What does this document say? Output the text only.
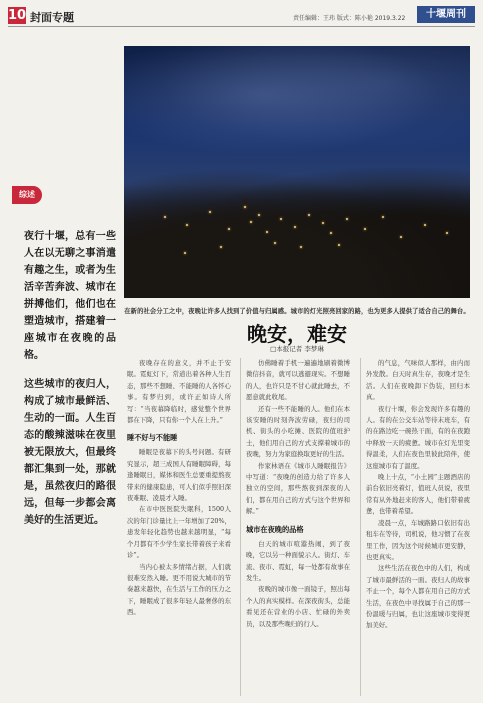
10 封面专题	责任编辑：王玮 版式：陈小艳 2019.3.22	十堰周刊
在新的社会分工之中，夜晚让许多人找到了价值与归属感。城市的灯光照亮回家的路，也为更多人提供了适合自己的舞台。
晚安，难安
□本报记者 李梦琳
综述

夜行十堰，总有一些人在以无聊之事消遣有趣之生，或者为生活辛苦奔波、城市在拼搏他们，他们也在塑造城市，搭建着一座城市在夜晚的品格。

这些城市的夜归人，构成了城市最鲜活、生动的一面。人生百态的酸辣滋味在夜里被无限放大，但最终都汇集到一处，那就是，虽然夜归的路很远，但每一步都会离美好的生活更近。

夜晚存在的意义，并不止于安眠。霓虹灯下，常道出着各种人生百态，那些不想睡、不能睡的人各怀心事。有梦归到，或许正如诗人所写：“当夜幕降临时，感觉整个世界都在下降，只有你一个人在上升。”

睡不好与不能睡

睡眠是夜幕下的头号问题。有研究显示，超三成国人有睡眠障碍，每逢睡眠日，媒体和医生总要重提熬夜带来的健康隐患，可人们似乎照旧深夜难眠、凌晨才入睡。

在市中医医院失眠科，1500人次的年门诊量比上一年增加了20%，患发年轻化趋势也越来越明显，“每个月都有不少学生家长带着孩子来看诊”。

当内心被太多情绪占据，人们就很难安然入睡。更不用说大城市的节奏越来越快，在生活与工作的压力之下，睡眠成了很多年轻人最奢侈的东西。

仿佛睡着手机一遍遍地刷着微博微信抖音，就可以逃避现实。不想睡的人，也许只是不甘心就此睡去，不愿意就此收尾。

还有一些不能睡的人。他们在本该安睡的时刻奔波劳碌，夜归的司机、街头的小吃摊、医院的值班护士，他们用自己的方式支撑着城市的夜晚，努力为家庭换取更好的生活。

作家林语在《城市人睡眠报告》中写道：“夜晚的创造力给了许多人独立的空间，那些熬夜到深夜的人们，都在用自己的方式与这个世界和解。”

城市在夜晚的品格

白天的城市喧嚣热闹，到了夜晚，它以另一种面貌示人。街灯、车流、夜市、霓虹，每一处都有故事在发生。

夜晚的城市像一面镜子，照出每个人的真实模样。在深夜街头，总能看见还在营业的小店、忙碌的外卖员，以及那些晚归的行人。

的气息，气味似人那样，由内而外发散。白天时真生存，夜晚才是生活。人们在夜晚卸下伪装，回归本真。

夜行十堰，你会发现许多有趣的人。有的在公交车站等待末班车，有的在路边吃一碗热干面，有的在夜跑中释放一天的疲惫。城市在灯光里变得温柔，人们在夜色里彼此陪伴，使这座城市有了温度。

晚上十点，“小土园”主题酒店的前台依旧亮着灯，值班人员说，夜里常有从外地赶来的客人，他们带着疲惫，也带着希望。

凌晨一点，车城路路口依旧有出租车在等待，司机说，他习惯了在夜里工作，因为这个时候城市更安静，也更真实。

这些生活在夜色中的人们，构成了城市最鲜活的一面。夜归人的故事不止一个，每个人都在用自己的方式生活，在夜色中寻找属于自己的那一份温暖与归属，也让这座城市变得更加美好。
